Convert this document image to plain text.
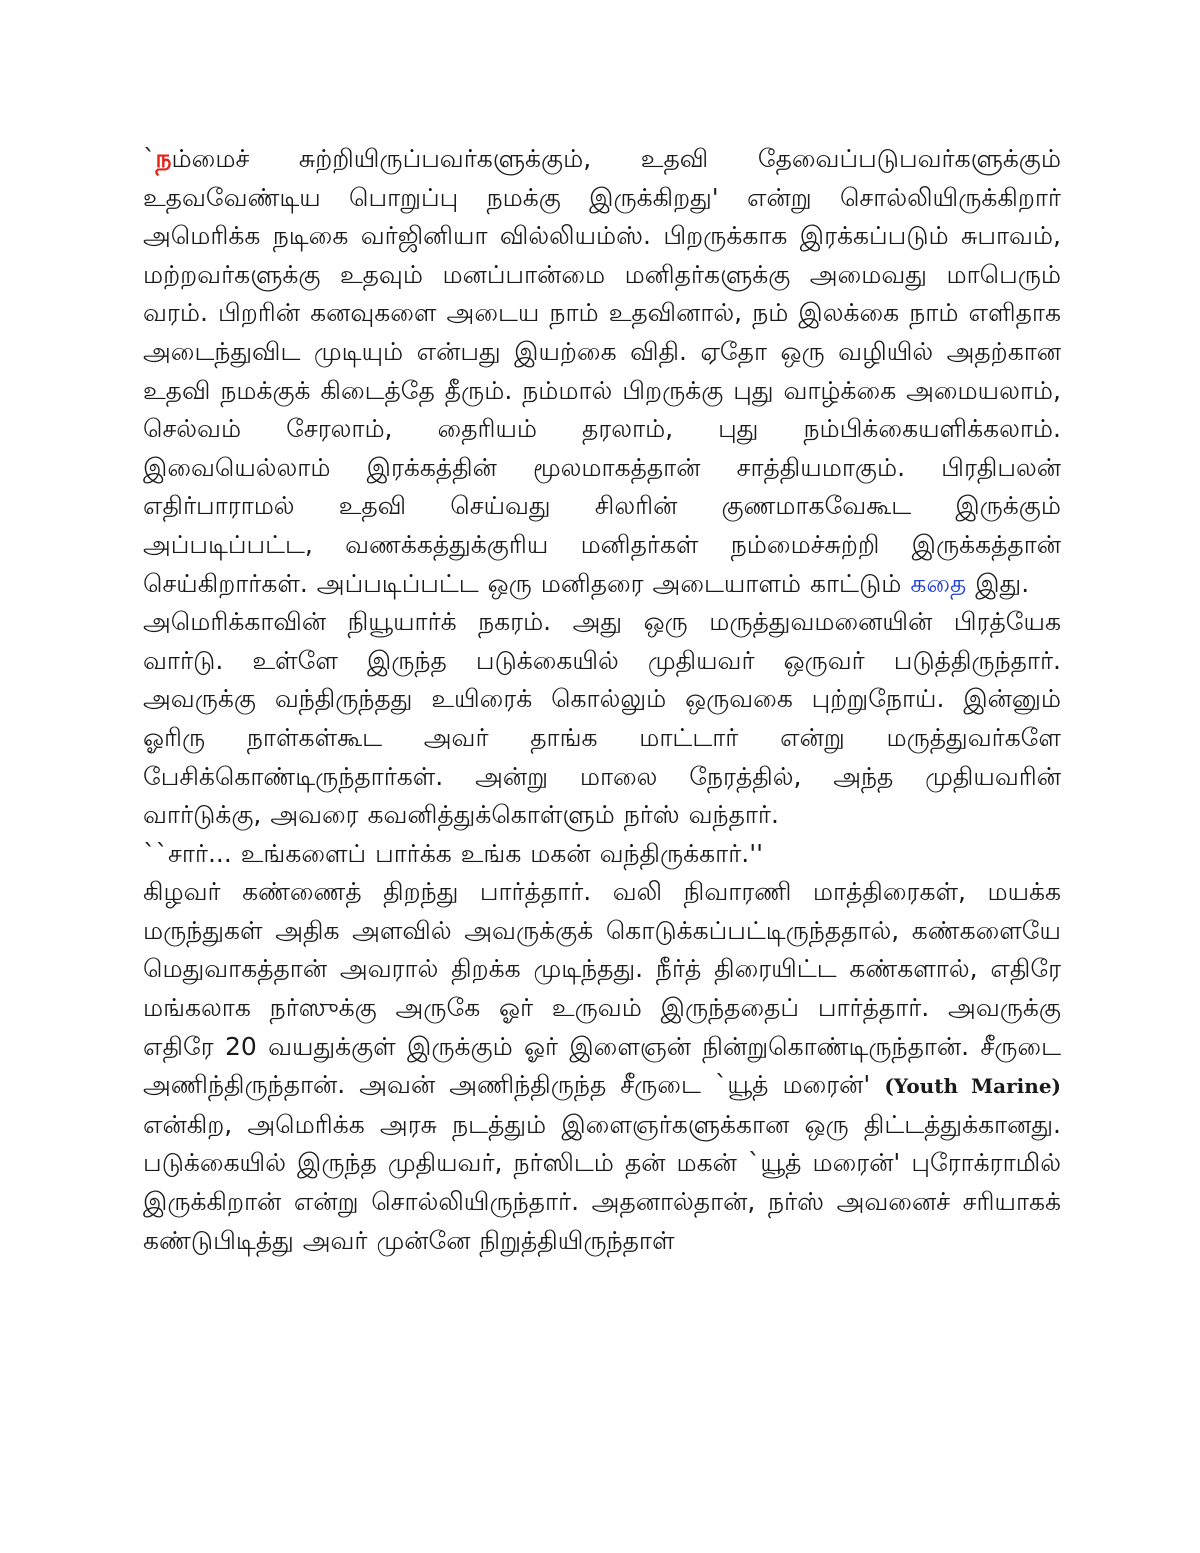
`நம்மைச் சுற்றியிருப்பவர்களுக்கும், உதவி தேவைப்படுபவர்களுக்கும் உதவவேண்டிய பொறுப்பு நமக்கு இருக்கிறது' என்று சொல்லியிருக்கிறார் அமெரிக்க நடிகை வர்ஜினியா வில்லியம்ஸ். பிறருக்காக இரக்கப்படும் சுபாவம், மற்றவர்களுக்கு உதவும் மனப்பான்மை மனிதர்களுக்கு அமைவது மாபெரும் வரம். பிறரின் கனவுகளை அடைய நாம் உதவினால், நம் இலக்கை நாம் எளிதாக அடைந்துவிட முடியும் என்பது இயற்கை விதி. ஏதோ ஒரு வழியில் அதற்கான உதவி நமக்குக் கிடைத்தே தீரும். நம்மால் பிறருக்கு புது வாழ்க்கை அமையலாம், செல்வம் சேரலாம், தைரியம் தரலாம், புது நம்பிக்கையளிக்கலாம். இவையெல்லாம் இரக்கத்தின் மூலமாகத்தான் சாத்தியமாகும். பிரதிபலன் எதிர்பாராமல் உதவி செய்வது சிலரின் குணமாகவேகூட இருக்கும் அப்படிப்பட்ட, வணக்கத்துக்குரிய மனிதர்கள் நம்மைச்சுற்றி இருக்கத்தான் செய்கிறார்கள். அப்படிப்பட்ட ஒரு மனிதரை அடையாளம் காட்டும் கதை இது.

அமெரிக்காவின் நியூயார்க் நகரம். அது ஒரு மருத்துவமனையின் பிரத்யேக வார்டு. உள்ளே இருந்த படுக்கையில் முதியவர் ஒருவர் படுத்திருந்தார். அவருக்கு வந்திருந்தது உயிரைக் கொல்லும் ஒருவகை புற்றுநோய். இன்னும் ஓரிரு நாள்கள்கூட அவர் தாங்க மாட்டார் என்று மருத்துவர்களே பேசிக்கொண்டிருந்தார்கள். அன்று மாலை நேரத்தில், அந்த முதியவரின் வார்டுக்கு, அவரை கவனித்துக்கொள்ளும் நர்ஸ் வந்தார்.

``சார்... உங்களைப் பார்க்க உங்க மகன் வந்திருக்கார்.''

கிழவர் கண்ணைத் திறந்து பார்த்தார். வலி நிவாரணி மாத்திரைகள், மயக்க மருந்துகள் அதிக அளவில் அவருக்குக் கொடுக்கப்பட்டிருந்ததால், கண்களையே மெதுவாகத்தான் அவரால் திறக்க முடிந்தது. நீர்த் திரையிட்ட கண்களால், எதிரே மங்கலாக நர்ஸுக்கு அருகே ஓர் உருவம் இருந்ததைப் பார்த்தார். அவருக்கு எதிரே 20 வயதுக்குள் இருக்கும் ஓர் இளைஞன் நின்றுகொண்டிருந்தான். சீருடை அணிந்திருந்தான். அவன் அணிந்திருந்த சீருடை `யூத் மரைன்' (Youth Marine) என்கிற, அமெரிக்க அரசு நடத்தும் இளைஞர்களுக்கான ஒரு திட்டத்துக்கானது. படுக்கையில் இருந்த முதியவர், நர்ஸிடம் தன் மகன் `யூத் மரைன்' புரோக்ராமில் இருக்கிறான் என்று சொல்லியிருந்தார். அதனால்தான், நர்ஸ் அவனைச் சரியாகக் கண்டுபிடித்து அவர் முன்னே நிறுத்தியிருந்தாள்
